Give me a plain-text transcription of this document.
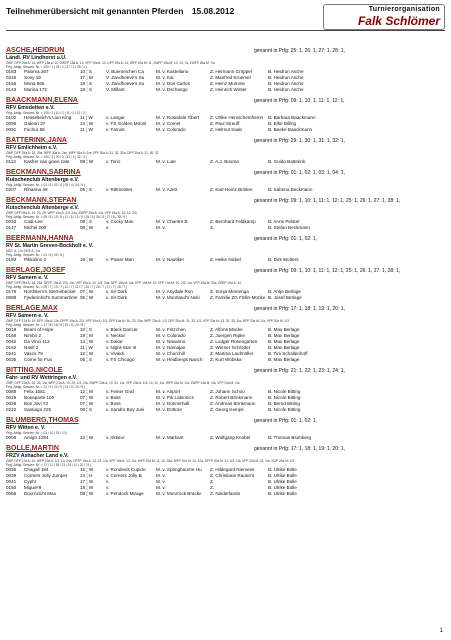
Teilnehmerübersicht mit genannten Pferden 15.08.2012	Turnierorganisation
Falk Schlömer
ASCHE,HEIDRUN	genannt in Prfg: 25: 1, 26: 1, 27: 1, 28: 1,
Ländl. RV Lindhorst u.U.
ZWP, DFP 29a A: 14, WFP 18a A: 10, ZWFP 18a A: 13, VFP 19a A: 13, DFP 19a A: 14, WFP 20a M: 11, ZWFP 15a M: 12, 13, 7a, ZWFP 28a M: 7/a
Prfg.-Abtlg: Gesuen: Nr. = 100 / 1 | 26 / 1 | 27 / 1 | 28 / 1 |
0183	Paloma 267	10 ¦ S	V. Buenteichen Ca	M. v. Kastellano	Z. Hermann Gröppel	B. Heidrun Asche
0226	Sony 18	17 ¦ W	V. Zandhoeve's Su	M. v. Kai	Z. Manfred Kroemer	B. Heidrun Asche
0156	Mona 865	18 ¦ S	V. Zandhoeve's Su	M. v. Don Carlos	Z. Heinz Mumme	B. Heidrun Asche
0143	Marina 172	19 ¦ S	V. Millant	M. v. Dschango	Z. Heinrich Winter	B. Heidrun Asche
BAACKMANN,ELENA	genannt in Prfg: 09: 1, 10: 1, 11: 1, 12: 1,
RFV Emsdetten e.V.
Prfg.-Abtlg: Gesuen: Nr. = 109 / 2 | 10 / 2 | 11 / 2 | 12 / 2 |
0102	Hesselteich's Lion King	11 ¦ W	v. Langar	M. v. Rosedale Tibert	Z. Ulrike Hemschemhemn	B. Barbara Baackmann
0095	Galeon 37	14 ¦ W	v. FS Golden Moonl	M. v. Comet	Z. Paul Streuff	B. Elke Billing
0091	Fuchur 56	11 ¦ W	v. Famos	M. v. Colorado	Z. Helmut Saab	B. Beeke Baackmann
BATTERINK,JANA	genannt in Prfg: 29: 1, 30: 1, 31: 1, 32: 1,
RFV Emlichheim e.V.
ZWP, DFP 29a A: 10, 29a, WFP 30a A: 2ze, WFP 30a A: 2ze VFP 30a A: 31, 32, 32a, DFP 30a A: 31, 30, 32
Prfg.-Abtlg: Gesuen: Nr. = 109 / 3 | 30 / 3 | 31 / 3 | 32 / 3 |
0112	Kasher van gowe zate	09 ¦ W	v. Torio	M. v. Lute	Z. A.J. Bouma	B. Guido Batterink
BECKMANN,SABRINA	genannt in Prfg: 01: 1, 02: 1, 03: 1, 04: 1,
Kutschenclub Altenberge e.V.
Prfg.-Abtlg: Gesuen: Nr. = 01 / 4 | 02 / 4 | 03 / 4 | 04 / 4 |
0207	Rihanna 49	05 ¦ S	v. Rittmeister	M. v. Azett	Z. Karl-Heinz Brinker	B. Sabrina Beckmann
BECKMANN,STEFAN	genannt in Prfg: 09: 1, 10: 1, 11: 1, 12: 1, 25: 1, 26: 1, 27: 1, 28: 1,
Kutschenclub Altenberge e.V.
ZWP, DFP 09a A: 10, 23, 29, WFP 19a A: 2/3, 24a, ZWFP 19a A: 1/a, VFP 19a A: 10, 12, 2/3
Prfg.-Abtlg: Gesuen: Nr. = 09 / 5 | 10 / 5 | 11 / 5 | 12 / 5 | 25 / 5 | 26 / 5 | 27 / 5 | 28 / 5 |
0033	Cadi-Lee	08 ¦ S	v. Cocky Man	M. v. Chantre B	Z. Bernhard Feldkamp	B. Anne Pelster
0147	Michel 200	08 ¦ W	v.	M. v.	Z.	B. Stefan Beckmann
BEERMANN,HANNA	genannt in Prfg: 01: 1, 02: 1,
RV St. Martin Greven-Bockholt e. V.
DEE: A, 1/a, DEE A, 1/a
Prfg.-Abtlg: Gesuen: Nr. = 01 / 6 | 02 / 6 |
0193	Pikkolino 2	16 ¦ W	v. Power Man	M. v. Nautiker	Z. Heike Nickel	B. Dirk Wolters
BERLAGE,JOSEF	genannt in Prfg: 09: 1, 10: 1, 11: 1, 12: 1, 25: 1, 26: 1, 27: 1, 28: 1,
RFV Samern e. V.
ZWP, DFP 09a A: 16, 25a, DFFP 19a A: 2/3, 1/a, VFP 19a A: 10, 2/3, 30a, DFP 19a M: 2/a, VFP 19a M: 10, VFP 19a M: 10, 2/3, 1/a, VFP 19a M: 20a, DBFP 19a A: 14
Prfg.-Abtlg: Gesuen: Nr. = 09 / 7 | 10 / 7 | 11 / 7 | 12 / 7 | 25 / 7 | 26 / 7 | 27 / 7 | 28 / 7 |
0176	Nordstern's Sternebecker 07 ¦ W	v. Sir Dark	M. v. Anydale Ron	Z. Sonja Memenga	B. Antje Berlage
0088	Fjederinhof's Summertime 05 ¦ W	v. Sir Dark	M. v. Moorland's Noki	Z. Familie ZG Föllin-Münke B. Josef Berlage
BERLAGE,MAX	genannt in Prfg: 17: 1, 18: 1, 19: 1, 20: 1,
RFV Samern e. V.
ZWP, DFP 17a A: 10, DFP 19a A: 1/a, DFFP 19a A: 2/3, VFP 19a A: 1/3, DFP 19a M: 16, 23, 24a, WFP 20a A: 1/2, DFP 20a M: 31, 32, 1/3, VFP 20a M: 13, 32, 33, 1/a, DFP 20a M: 1/a, VFP 20a M: 1/3
Prfg.-Abtlg: Gesuen: Nr. = 17 / 8 | 18 / 8 | 19 / 8 | 20 / 8 |
0019	Beam of Hope	10 ¦ S	v. Black Dancer	M. v. Fritzchen	Z. Alfons Mücke	B. Max Berlage
0168	Nimbo 2	18 ¦ W	v. Neckar	M. v. Colorado	Z. Juergen Ripke	B. Max Berlage
0042	Da Vinci 112	14 ¦ W	v. Dakar	M. v. Navarino	Z. Ludger Rosengarten	B. Max Berlage
0162	Nasif 2	11 ¦ W	v. Night-Star III	M. v. Namajan	Z. Werner Schröder	B. Max Berlage
0241	Vasco 79	12 ¦ W	v. Vivaldi	M. v. Churchill	Z. Martina Laufmöller	B. Tim Schallenhoff
0036	Come for Fun	05 ¦ S	v. FS Chicago	M. v. Heidbergs Nanch	Z. Kurt Wobska	B. Max Berlage
BITTING,NICOLE	genannt in Prfg: 21: 1, 22: 1, 23: 1, 24: 1,
Fahr- und RV Wettringen e.V.
ZWP, DFP 21a A: 23, 28, 1/a, WFP 21a A: 13, 29, 1/3, 2/a, ZWFP 23a A: 10, 23, 1/a, VFP 23a A: 1/3, 10, 12, 2/a, WFP 23a M: 1/a, ZWFP 24a M: 1/a, VFP 24a M: 1/a
Prfg.-Abtlg: Gesuen: Nr. = 21 / 9 | 22 / 9 | 23 / 9 | 24 / 9 |
0085	Felix 1581	12 ¦ W	v. Feiner Graf	M. v. Airport	Z. Johann Schoo	B. Nicole Bitting
0029	Bonaparte 100	07 ¦ W	v. Boss	M. v. Pik Labionics	Z. Robert Brinkmann	B. Nicole Bitting
0028	Bon Jovi 72	07 ¦ W	v. Boss	M. v. Donnerhall	Z. Andreas Brinkmann	B. Bernd Bitting
0222	Santiago 225	06 ¦ S	v. Sandro Boy Juni	M. v. Dottore	Z. Georg Kemps	B. Nicole Bitting
BLUMBERG,THOMAS	genannt in Prfg: 01: 1, 02: 1,
RFV Witten e. V.
Prfg.-Abtlg: Gesuen: Nr. = 01 / 10 | 02 / 10 |
0006	Amigo 1284	12 ¦ W	v. Aktieur	M. v. Markant	Z. Wolfgang Knobel	B. Thomas Blumberg
BOLLE,MARTIN	genannt in Prfg: 17: 1, 18: 1, 19: 1, 20: 1,
FRZV Ashacher Land e.V.
ZWP, DFP 17a A: 10, WFP 19a A: 1/3, 10, 24a, DFFP 19a A: 13, 23, 1/a, VFP 19a A: 13, 1/a, WFP 20a M: 11, 10, 32a, WFP 20a M: 13, 22a, DFFP 20a M: 31, 2/3, 1/a, VFP 20a M: 31, 1/a, SOP 29a M: 1/3
Prfg.-Abtlg: Gesuen: Nr. = 17 / 11 | 18 / 11 | 19 / 11 | 20 / 11 |
0035	Chagall 184	15 ¦ W	v. Rondevis Cupido	M. v. Springbourne Hu	Z. Hildegard Niemeier	B. Ulrike Bolle
0039	Corners Jolly Jumper	14 ¦ H	v. Corners Jolly B	M. v.	Z. Christiane Rauscht	B. Ulrike Bolle
0041	Cyphr	17 ¦ W	v.	M. v.	Z.	B. Ulrike Bolle
0150	Miguel 9	18 ¦ W	v.	M. v.	Z.	B. Ulrike Bolle
0066	Doornzicht Max	08 ¦ W	v. Pendock Mirage	M. v. Moorrock Bracke	Z. Niederlande	B. Ulrike Bolle
1
